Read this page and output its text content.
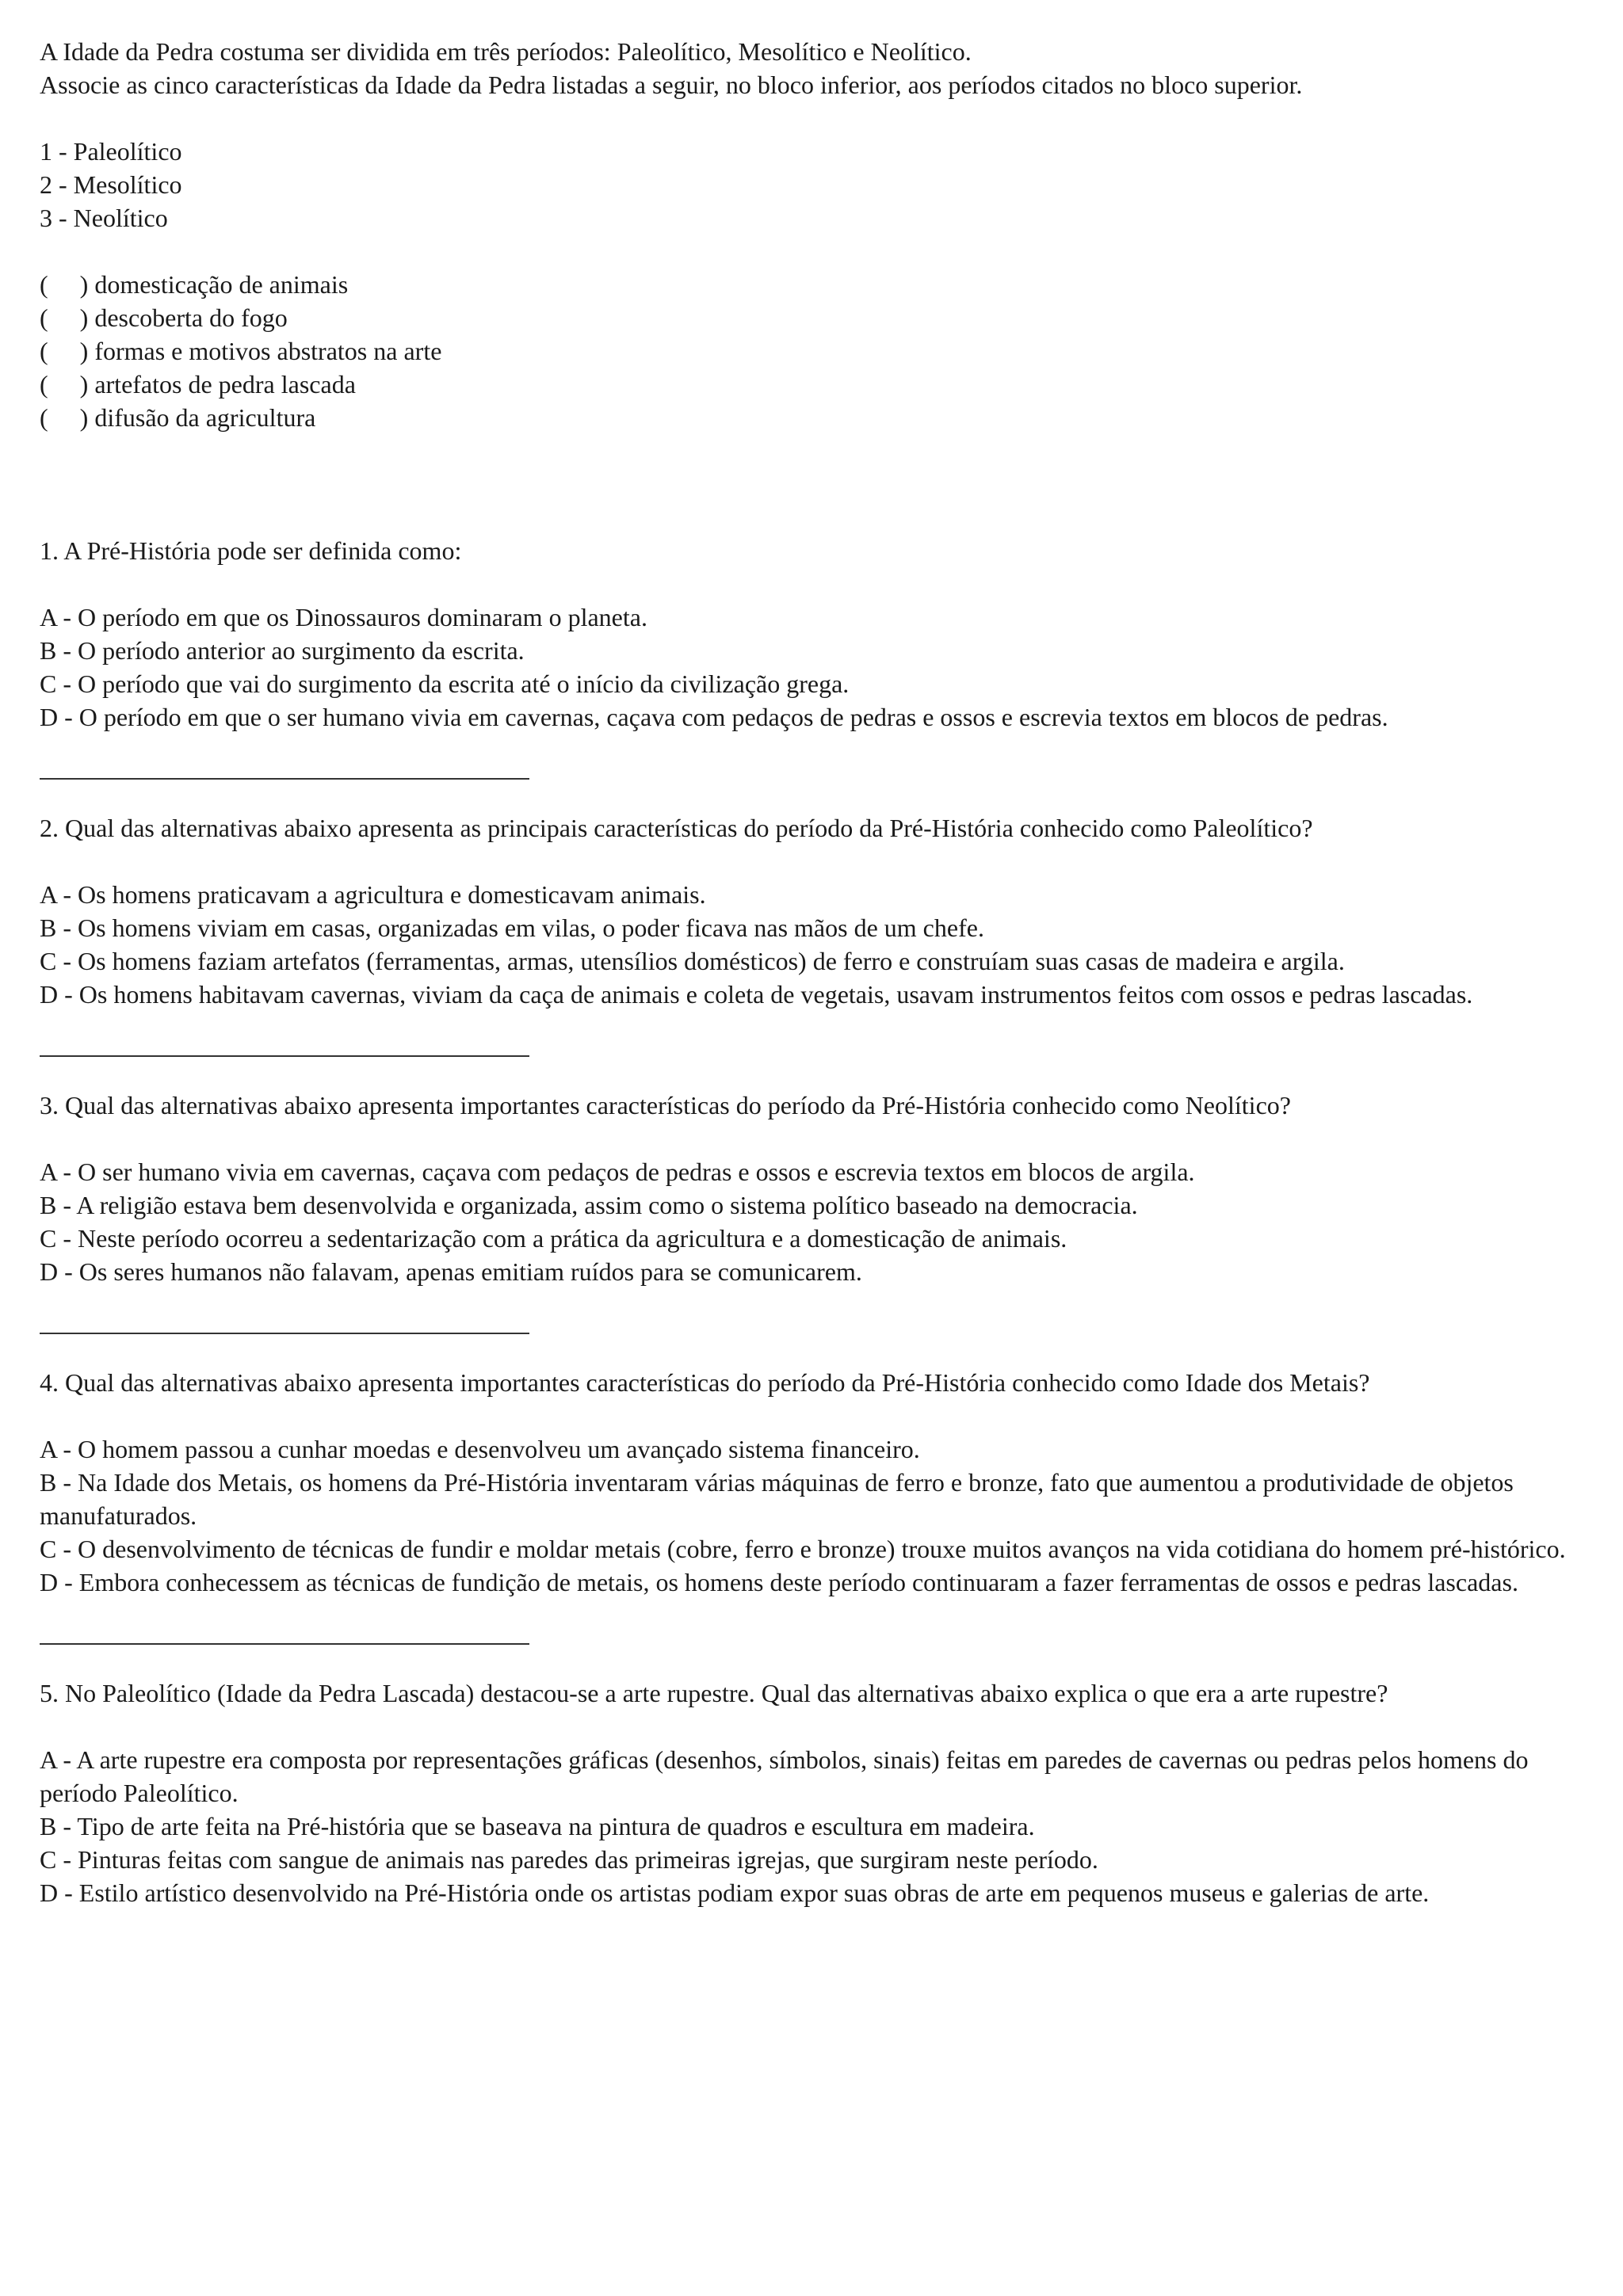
A Idade da Pedra costuma ser dividida em três períodos: Paleolítico, Mesolítico e Neolítico.
Associe as cinco características da Idade da Pedra listadas a seguir, no bloco inferior, aos períodos citados no bloco superior.
1 - Paleolítico
2 - Mesolítico
3 - Neolítico
(     ) domesticação de animais
(     ) descoberta do fogo
(     ) formas e motivos abstratos na arte
(     ) artefatos de pedra lascada
(     ) difusão da agricultura
1. A Pré-História pode ser definida como:
A - O período em que os Dinossauros dominaram o planeta.
B - O período anterior ao surgimento da escrita.
C - O período que vai do surgimento da escrita até o início da civilização grega.
D - O período em que o ser humano vivia em cavernas, caçava com pedaços de pedras e ossos e escrevia textos em blocos de pedras.
2. Qual das alternativas abaixo apresenta as principais características do período da Pré-História conhecido como Paleolítico?
A - Os homens praticavam a agricultura e domesticavam animais.
B - Os homens viviam em casas, organizadas em vilas, o poder ficava nas mãos de um chefe.
C - Os homens faziam artefatos (ferramentas, armas, utensílios domésticos) de ferro e construíam suas casas de madeira e argila.
D - Os homens habitavam cavernas, viviam da caça de animais e coleta de vegetais, usavam instrumentos feitos com ossos e pedras lascadas.
3. Qual das alternativas abaixo apresenta importantes características do período da Pré-História conhecido como Neolítico?
A - O ser humano vivia em cavernas, caçava com pedaços de pedras e ossos e escrevia textos em blocos de argila.
B - A religião estava bem desenvolvida e organizada, assim como o sistema político baseado na democracia.
C - Neste período ocorreu a sedentarização com a prática da agricultura e a domesticação de animais.
D - Os seres humanos não falavam, apenas emitiam ruídos para se comunicarem.
4. Qual das alternativas abaixo apresenta importantes características do período da Pré-História conhecido como Idade dos Metais?
A - O homem passou a cunhar moedas e desenvolveu um avançado sistema financeiro.
B - Na Idade dos Metais, os homens da Pré-História inventaram várias máquinas de ferro e bronze, fato que aumentou a produtividade de objetos manufaturados.
C - O desenvolvimento de técnicas de fundir e moldar metais (cobre, ferro e bronze) trouxe muitos avanços na vida cotidiana do homem pré-histórico.
D - Embora conhecessem as técnicas de fundição de metais, os homens deste período continuaram a fazer ferramentas de ossos e pedras lascadas.
5. No Paleolítico (Idade da Pedra Lascada) destacou-se a arte rupestre. Qual das alternativas abaixo explica o que era a arte rupestre?
A - A arte rupestre era composta por representações gráficas (desenhos, símbolos, sinais) feitas em paredes de cavernas ou pedras pelos homens do período Paleolítico.
B - Tipo de arte feita na Pré-história que se baseava na pintura de quadros e escultura em madeira.
C - Pinturas feitas com sangue de animais nas paredes das primeiras igrejas, que surgiram neste período.
D - Estilo artístico desenvolvido na Pré-História onde os artistas podiam expor suas obras de arte em pequenos museus e galerias de arte.
